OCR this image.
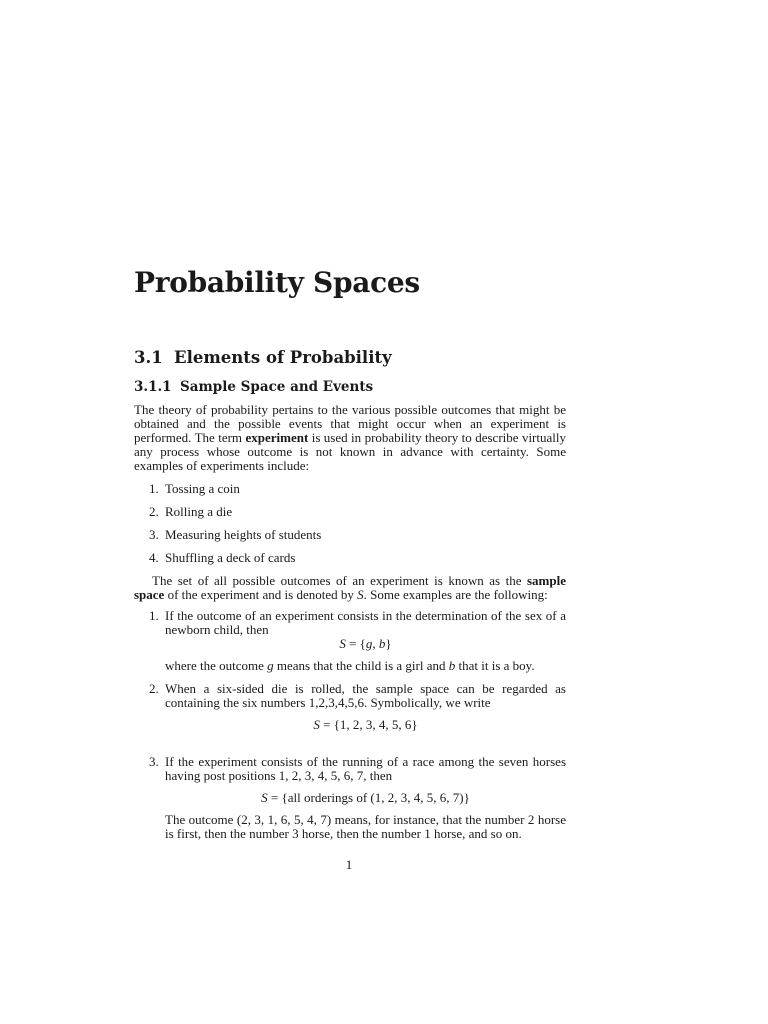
Probability Spaces
3.1 Elements of Probability
3.1.1 Sample Space and Events

The theory of probability pertains to the various possible outcomes that might be obtained and the possible events that might occur when an experiment is performed. The term experiment is used in probability theory to describe virtually any process whose outcome is not known in advance with certainty. Some examples of experiments include:

1. Tossing a coin
2. Rolling a die
3. Measuring heights of students
4. Shuffling a deck of cards

The set of all possible outcomes of an experiment is known as the sample space of the experiment and is denoted by S. Some examples are the following:

1. If the outcome of an experiment consists in the determination of the sex of a newborn child, then

S = {g, b}

where the outcome g means that the child is a girl and b that it is a boy.

2. When a six-sided die is rolled, the sample space can be regarded as containing the six numbers 1,2,3,4,5,6. Symbolically, we write

S = {1, 2, 3, 4, 5, 6}

3. If the experiment consists of the running of a race among the seven horses having post positions 1, 2, 3, 4, 5, 6, 7, then

S = {all orderings of (1, 2, 3, 4, 5, 6, 7)}

The outcome (2, 3, 1, 6, 5, 4, 7) means, for instance, that the number 2 horse is first, then the number 3 horse, then the number 1 horse, and so on.

1
